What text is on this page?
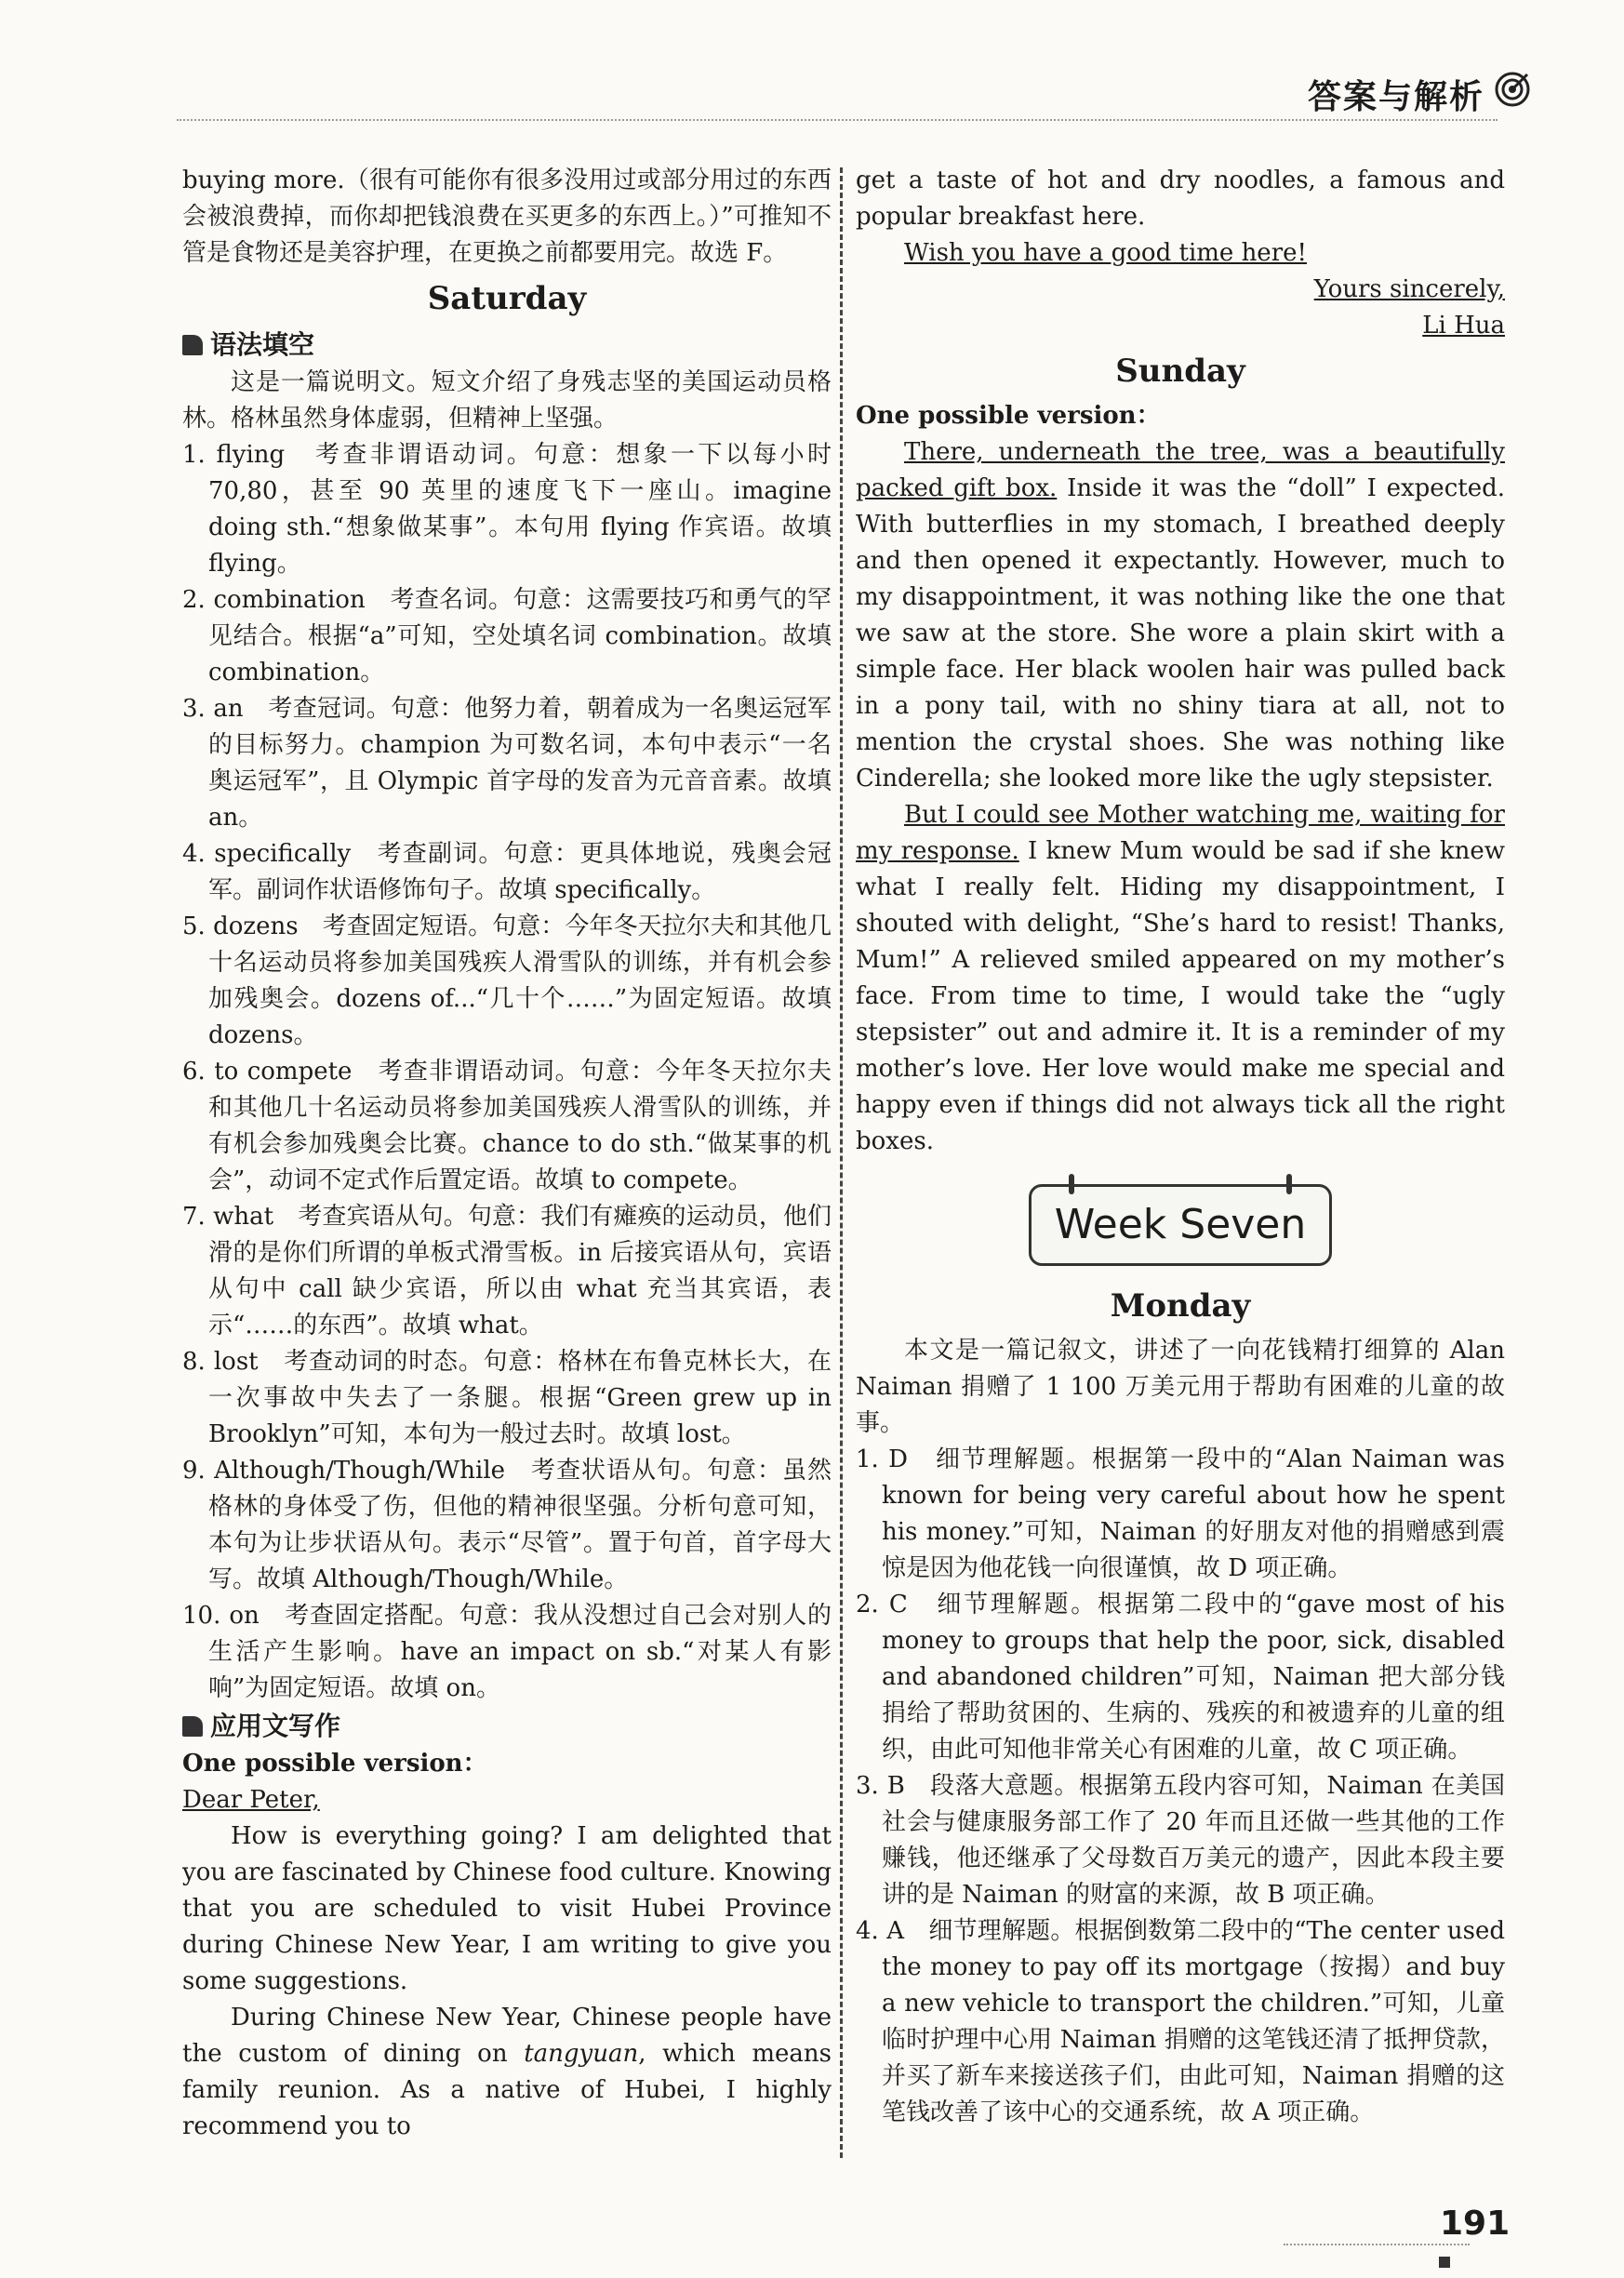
答案与解析

buying more.（很有可能你有很多没用过或部分用过的东西会被浪费掉，而你却把钱浪费在买更多的东西上。）”可推知不管是食物还是美容护理，在更换之前都要用完。故选 F。

Saturday
语法填空

这是一篇说明文。短文介绍了身残志坚的美国运动员格林。格林虽然身体虚弱，但精神上坚强。

1. flying　考查非谓语动词。句意：想象一下以每小时 70,80，甚至 90 英里的速度飞下一座山。imagine doing sth.“想象做某事”。本句用 flying 作宾语。故填 flying。

2. combination　考查名词。句意：这需要技巧和勇气的罕见结合。根据“a”可知，空处填名词 combination。故填 combination。

3. an　考查冠词。句意：他努力着，朝着成为一名奥运冠军的目标努力。champion 为可数名词，本句中表示“一名奥运冠军”，且 Olympic 首字母的发音为元音音素。故填 an。

4. specifically　考查副词。句意：更具体地说，残奥会冠军。副词作状语修饰句子。故填 specifically。

5. dozens　考查固定短语。句意：今年冬天拉尔夫和其他几十名运动员将参加美国残疾人滑雪队的训练，并有机会参加残奥会。dozens of...“几十个……”为固定短语。故填 dozens。

6. to compete　考查非谓语动词。句意：今年冬天拉尔夫和其他几十名运动员将参加美国残疾人滑雪队的训练，并有机会参加残奥会比赛。chance to do sth.“做某事的机会”，动词不定式作后置定语。故填 to compete。

7. what　考查宾语从句。句意：我们有瘫痪的运动员，他们滑的是你们所谓的单板式滑雪板。in 后接宾语从句，宾语从句中 call 缺少宾语，所以由 what 充当其宾语，表示“……的东西”。故填 what。

8. lost　考查动词的时态。句意：格林在布鲁克林长大，在一次事故中失去了一条腿。根据“Green grew up in Brooklyn”可知，本句为一般过去时。故填 lost。

9. Although/Though/While　考查状语从句。句意：虽然格林的身体受了伤，但他的精神很坚强。分析句意可知，本句为让步状语从句。表示“尽管”。置于句首，首字母大写。故填 Although/Though/While。

10. on　考查固定搭配。句意：我从没想过自己会对别人的生活产生影响。have an impact on sb.“对某人有影响”为固定短语。故填 on。

应用文写作

One possible version：

Dear Peter,

How is everything going? I am delighted that you are fascinated by Chinese food culture. Knowing that you are scheduled to visit Hubei Province during Chinese New Year, I am writing to give you some suggestions.

During Chinese New Year, Chinese people have the custom of dining on tangyuan, which means family reunion. As a native of Hubei, I highly recommend you to

get a taste of hot and dry noodles, a famous and popular breakfast here.

Wish you have a good time here!

Yours sincerely,

Li Hua

Sunday

One possible version：

There, underneath the tree, was a beautifully packed gift box. Inside it was the “doll” I expected. With butterflies in my stomach, I breathed deeply and then opened it expectantly. However, much to my disappointment, it was nothing like the one that we saw at the store. She wore a plain skirt with a simple face. Her black woolen hair was pulled back in a pony tail, with no shiny tiara at all, not to mention the crystal shoes. She was nothing like Cinderella; she looked more like the ugly stepsister.

But I could see Mother watching me, waiting for my response. I knew Mum would be sad if she knew what I really felt. Hiding my disappointment, I shouted with delight, “She’s hard to resist! Thanks, Mum!” A relieved smiled appeared on my mother’s face. From time to time, I would take the “ugly stepsister” out and admire it. It is a reminder of my mother’s love. Her love would make me special and happy even if things did not always tick all the right boxes.

Week Seven
Monday

本文是一篇记叙文，讲述了一向花钱精打细算的 Alan Naiman 捐赠了 1 100 万美元用于帮助有困难的儿童的故事。

1. D　细节理解题。根据第一段中的“Alan Naiman was known for being very careful about how he spent his money.”可知，Naiman 的好朋友对他的捐赠感到震惊是因为他花钱一向很谨慎，故 D 项正确。

2. C　细节理解题。根据第二段中的“gave most of his money to groups that help the poor, sick, disabled and abandoned children”可知，Naiman 把大部分钱捐给了帮助贫困的、生病的、残疾的和被遗弃的儿童的组织，由此可知他非常关心有困难的儿童，故 C 项正确。

3. B　段落大意题。根据第五段内容可知，Naiman 在美国社会与健康服务部工作了 20 年而且还做一些其他的工作赚钱，他还继承了父母数百万美元的遗产，因此本段主要讲的是 Naiman 的财富的来源，故 B 项正确。

4. A　细节理解题。根据倒数第二段中的“The center used the money to pay off its mortgage（按揭）and buy a new vehicle to transport the children.”可知，儿童临时护理中心用 Naiman 捐赠的这笔钱还清了抵押贷款，并买了新车来接送孩子们，由此可知，Naiman 捐赠的这笔钱改善了该中心的交通系统，故 A 项正确。

191
